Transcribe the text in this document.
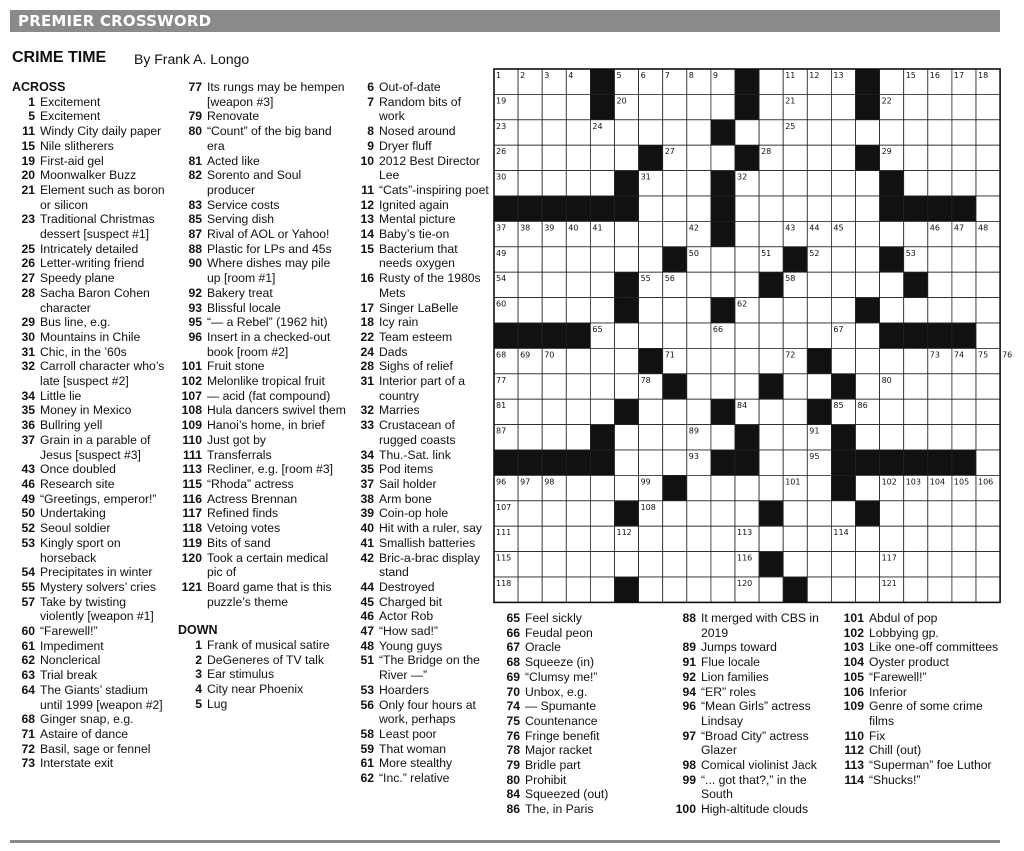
PREMIER CROSSWORD
CRIME TIME By Frank A. Longo
ACROSS
1 Excitement
5 Excitement
11 Windy City daily paper
15 Nile slitherers
19 First-aid gel
20 Moonwalker Buzz
21 Element such as boron or silicon
23 Traditional Christmas dessert [suspect #1]
25 Intricately detailed
26 Letter-writing friend
27 Speedy plane
28 Sacha Baron Cohen character
29 Bus line, e.g.
30 Mountains in Chile
31 Chic, in the ’60s
32 Carroll character who’s late [suspect #2]
34 Little lie
35 Money in Mexico
36 Bullring yell
37 Grain in a parable of Jesus [suspect #3]
43 Once doubled
46 Research site
49 “Greetings, emperor!”
50 Undertaking
52 Seoul soldier
53 Kingly sport on horseback
54 Precipitates in winter
55 Mystery solvers’ cries
57 Take by twisting violently [weapon #1]
60 “Farewell!”
61 Impediment
62 Nonclerical
63 Trial break
64 The Giants’ stadium until 1999 [weapon #2]
68 Ginger snap, e.g.
71 Astaire of dance
72 Basil, sage or fennel
73 Interstate exit
77 Its rungs may be hempen [weapon #3]
79 Renovate
80 “Count” of the big band era
81 Acted like
82 Sorento and Soul producer
83 Service costs
85 Serving dish
87 Rival of AOL or Yahoo!
88 Plastic for LPs and 45s
90 Where dishes may pile up [room #1]
92 Bakery treat
93 Blissful locale
95 “— a Rebel” (1962 hit)
96 Insert in a checked-out book [room #2]
101 Fruit stone
102 Melonlike tropical fruit
107 — acid (fat compound)
108 Hula dancers swivel them
109 Hanoi’s home, in brief
110 Just got by
111 Transferrals
113 Recliner, e.g. [room #3]
115 “Rhoda” actress
116 Actress Brennan
117 Refined finds
118 Vetoing votes
119 Bits of sand
120 Took a certain medical pic of
121 Board game that is this puzzle’s theme
DOWN
1 Frank of musical satire
2 DeGeneres of TV talk
3 Ear stimulus
4 City near Phoenix
5 Lug
6 Out-of-date
7 Random bits of work
8 Nosed around
9 Dryer fluff
10 2012 Best Director Lee
11 “Cats”-inspiring poet
12 Ignited again
13 Mental picture
14 Baby’s tie-on
15 Bacterium that needs oxygen
16 Rusty of the 1980s Mets
17 Singer LaBelle
18 Icy rain
22 Team esteem
24 Dads
28 Sighs of relief
31 Interior part of a country
32 Marries
33 Crustacean of rugged coasts
34 Thu.-Sat. link
35 Pod items
37 Sail holder
38 Arm bone
39 Coin-op hole
40 Hit with a ruler, say
41 Smallish batteries
42 Bric-a-brac display stand
44 Destroyed
45 Charged bit
46 Actor Rob
47 “How sad!”
48 Young guys
51 “The Bridge on the River —”
53 Hoarders
56 Only four hours at work, perhaps
58 Least poor
59 That woman
61 More stealthy
62 “Inc.” relative
65 Feel sickly
66 Feudal peon
67 Oracle
68 Squeeze (in)
69 “Clumsy me!”
70 Unbox, e.g.
74 — Spumante
75 Countenance
76 Fringe benefit
78 Major racket
79 Bridle part
80 Prohibit
84 Squeezed (out)
86 The, in Paris
88 It merged with CBS in 2019
89 Jumps toward
91 Flue locale
92 Lion families
94 “ER” roles
96 “Mean Girls” actress Lindsay
97 “Broad City” actress Glazer
98 Comical violinist Jack
99 “... got that?,” in the South
100 High-altitude clouds
101 Abdul of pop
102 Lobbying gp.
103 Like one-off committees
104 Oyster product
105 “Farewell!”
106 Inferior
109 Genre of some crime films
110 Fix
112 Chill (out)
113 “Superman” foe Luthor
114 “Shucks!”
1 2 3 4	5 6 7 8 9 10	11 12 13 14	15 16 17 18
19	20	21	22
23	24	25
26	27	28	29
30	31	32	33
34	35	36
37 38 39 40 41	42	43 44 45	46 47 48
49	50	51	52	53
54	55 56	57 58	59
60	61	62	63
64 65	66	67
68 69 70	71	72	73 74 75 76
77	78	79	80
81	82	83 84	85 86
87	88	89	90	91
92	93 94	95
96 97 98	99 100	101	102 103 104 105 106
107	108	109	110
111	112	113	114
115	116	117
118	119	120	121
